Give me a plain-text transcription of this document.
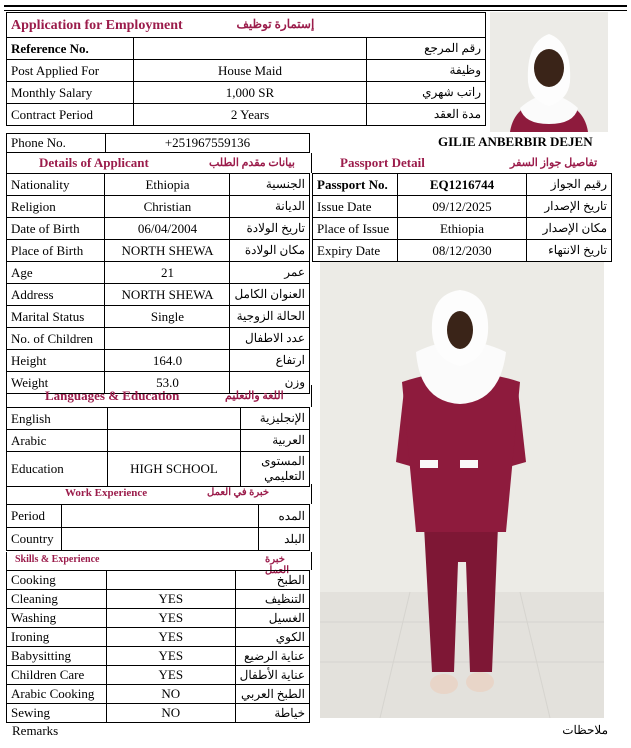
Application for Employment إستمارة توظيف		

Reference No.		رقم المرجع
Post Applied For	House Maid	وظيفة
Monthly Salary	1,000 SR	راتب شهري
Contract Period	2 Years	مدة العقد
Phone No.	+251967559136	GILIE ANBERBIR DEJEN
Details of Applicant	بيانات مقدم الطلب
Nationality	Ethiopia	الجنسية
Religion	Christian	الديانة
Date of Birth	06/04/2004	تاريخ الولادة
Place of Birth	NORTH SHEWA	مكان الولادة
Age	21	عمر
Address	NORTH SHEWA	العنوان الكامل
Marital Status	Single	الحالة الزوجية
No. of Children		عدد الاطفال
Height	164.0	ارتفاع
Weight	53.0	وزن
Passport Detail	تفاصيل جواز السفر
Passport No.	EQ1216744	رقيم الجواز
Issue Date	09/12/2025	تاريخ الإصدار
Place of Issue	Ethiopia	مكان الإصدار
Expiry Date	08/12/2030	تاريخ الانتهاء
Languages & Education	اللغة والتعليم
English		الإنجليزية
Arabic		العربية
Education	HIGH SCHOOL	المستوى التعليمي
Work Experience	خبرة في العمل
Period		المده
Country		البلد
Skills & Experience	خبرة العمل
Cooking		الطبخ
Cleaning	YES	التنظيف
Washing	YES	الغسيل
Ironing	YES	الكوي
Babysitting	YES	عناية الرضيع
Children Care	YES	عناية الأطفال
Arabic Cooking	NO	الطبخ العربي
Sewing	NO	خياطة
Remarks	ملاحظات
